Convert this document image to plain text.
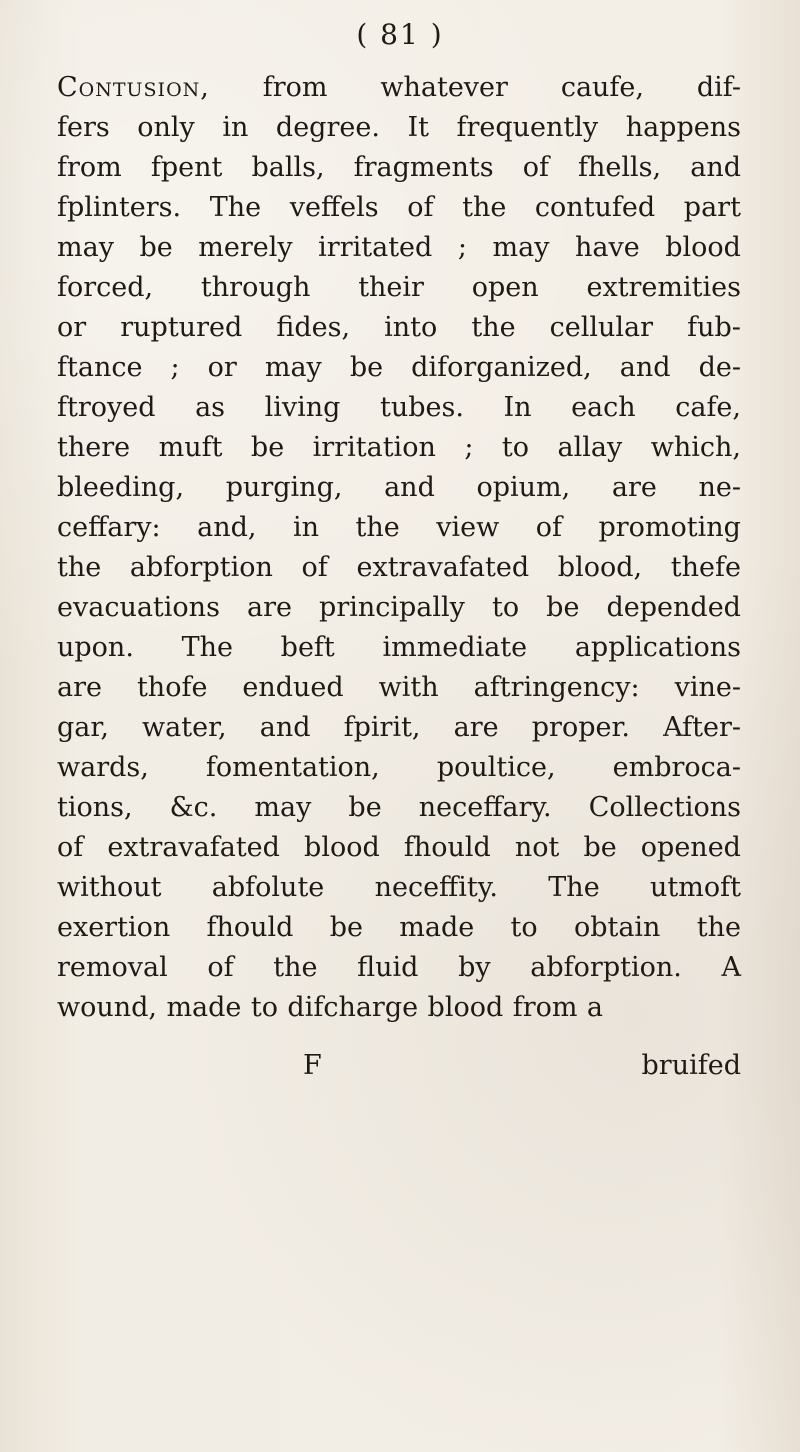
( 81 )
Contusion, from whatever caufe, dif-
fers only in degree. It frequently happens
from fpent balls, fragments of fhells, and
fplinters. The veffels of the contufed part
may be merely irritated ; may have blood
forced, through their open extremities
or ruptured fides, into the cellular fub-
ftance ; or may be diforganized, and de-
ftroyed as living tubes. In each cafe,
there muft be irritation ; to allay which,
bleeding, purging, and opium, are ne-
ceffary: and, in the view of promoting
the abforption of extravafated blood, thefe
evacuations are principally to be depended
upon. The beft immediate applications
are thofe endued with aftringency: vine-
gar, water, and fpirit, are proper. After-
wards, fomentation, poultice, embroca-
tions, &c. may be neceffary. Collections
of extravafated blood fhould not be opened
without abfolute neceffity. The utmoft
exertion fhould be made to obtain the
removal of the fluid by abforption. A
wound, made to difcharge blood from a
F	bruifed
